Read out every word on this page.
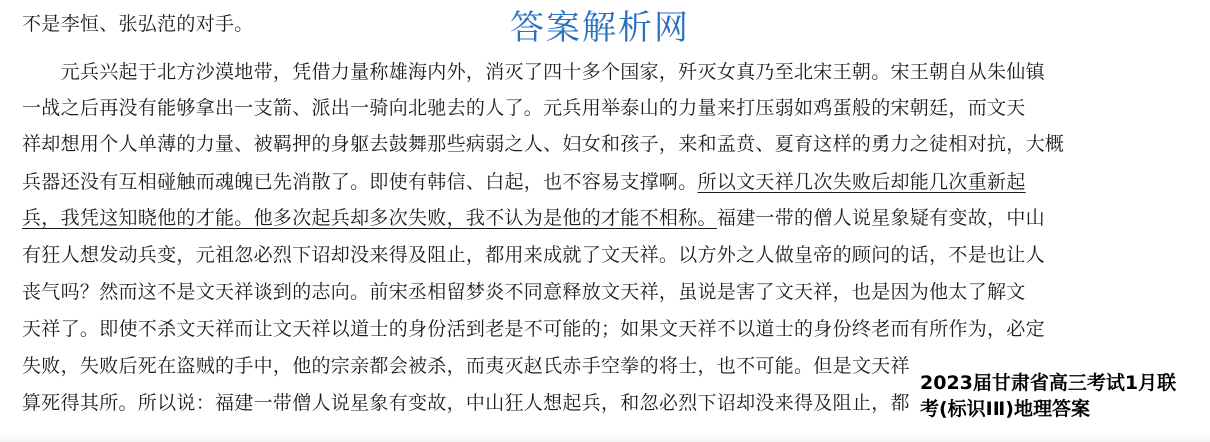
不是李恒、张弘范的对手。	答案解析网
　　元兵兴起于北方沙漠地带，凭借力量称雄海内外，消灭了四十多个国家，歼灭女真乃至北宋王朝。宋王朝自从朱仙镇
一战之后再没有能够拿出一支箭、派出一骑向北驰去的人了。元兵用举泰山的力量来打压弱如鸡蛋般的宋朝廷，而文天
祥却想用个人单薄的力量、被羁押的身躯去鼓舞那些病弱之人、妇女和孩子，来和孟贲、夏育这样的勇力之徒相对抗，大概
兵器还没有互相碰触而魂魄已先消散了。即使有韩信、白起，也不容易支撑啊。所以文天祥几次失败后却能几次重新起
兵，我凭这知晓他的才能。他多次起兵却多次失败，我不认为是他的才能不相称。福建一带的僧人说星象疑有变故，中山
有狂人想发动兵变，元祖忽必烈下诏却没来得及阻止，都用来成就了文天祥。以方外之人做皇帝的顾问的话，不是也让人
丧气吗？然而这不是文天祥谈到的志向。前宋丞相留梦炎不同意释放文天祥，虽说是害了文天祥，也是因为他太了解文
天祥了。即使不杀文天祥而让文天祥以道士的身份活到老是不可能的；如果文天祥不以道士的身份终老而有所作为，必定
失败，失败后死在盗贼的手中，他的宗亲都会被杀，而夷灭赵氏赤手空拳的将士，也不可能。但是文天祥
算死得其所。所以说：福建一带僧人说星象有变故，中山狂人想起兵，和忽必烈下诏却没来得及阻止，都
2023届甘肃省高三考试1月联
考(标识ⅠⅡ)地理答案
